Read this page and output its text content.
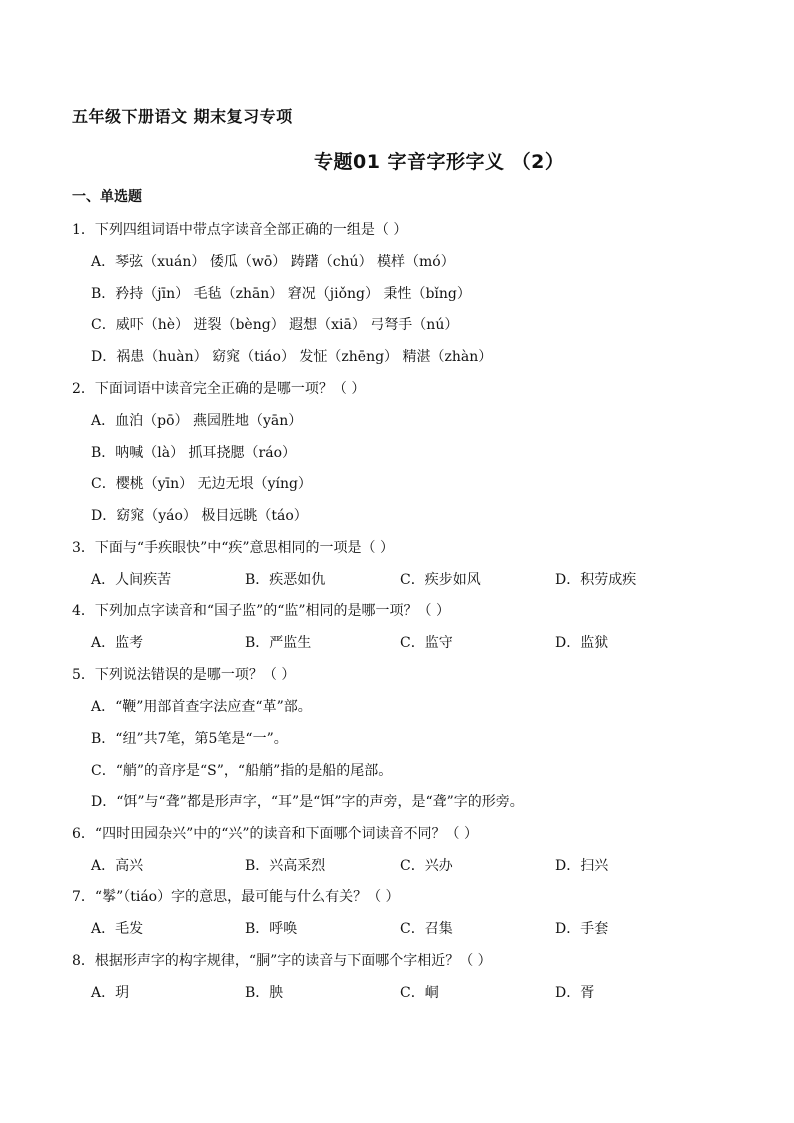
五年级下册语文 期末复习专项
专题01 字音字形字义 （2）
一、单选题
1．下列四组词语中带点字读音全部正确的一组是（ ）
A．琴弦（xuán） 倭瓜（wō） 踌躇（chú） 模样（mó）
B．矜持（jīn） 毛毡（zhān） 窘况（jiǒng） 秉性（bǐng）
C．威吓（hè） 迸裂（bèng） 遐想（xiā） 弓弩手（nú）
D．祸患（huàn） 窈窕（tiáo） 发怔（zhēng） 精湛（zhàn）
2．下面词语中读音完全正确的是哪一项？（ ）
A．血泊（pō） 燕园胜地（yān）
B．呐喊（là） 抓耳挠腮（ráo）
C．樱桃（yīn） 无边无垠（yíng）
D．窈窕（yáo） 极目远眺（táo）
3．下面与“手疾眼快”中“疾”意思相同的一项是（ ）
A．人间疾苦	B．疾恶如仇	C．疾步如风	D．积劳成疾
4．下列加点字读音和“国子监”的“监”相同的是哪一项？（ ）
A．监考	B．严监生	C．监守	D．监狱
5．下列说法错误的是哪一项？（ ）
A．“鞭”用部首查字法应查“革”部。
B．“纽”共7笔，第5笔是“一”。
C．“艄”的音序是“S”，“船艄”指的是船的尾部。
D．“饵”与“聋”都是形声字，“耳”是“饵”字的声旁，是“聋”字的形旁。
6．“四时田园杂兴”中的“兴”的读音和下面哪个词读音不同？（ ）
A．高兴	B．兴高采烈	C．兴办	D．扫兴
7．“鬇”（tiáo）字的意思，最可能与什么有关？（ ）
A．毛发	B．呼唤	C．召集	D．手套
8．根据形声字的构字规律，“胴”字的读音与下面哪个字相近？（ ）
A．玥	B．胦	C．峒	D．胥
